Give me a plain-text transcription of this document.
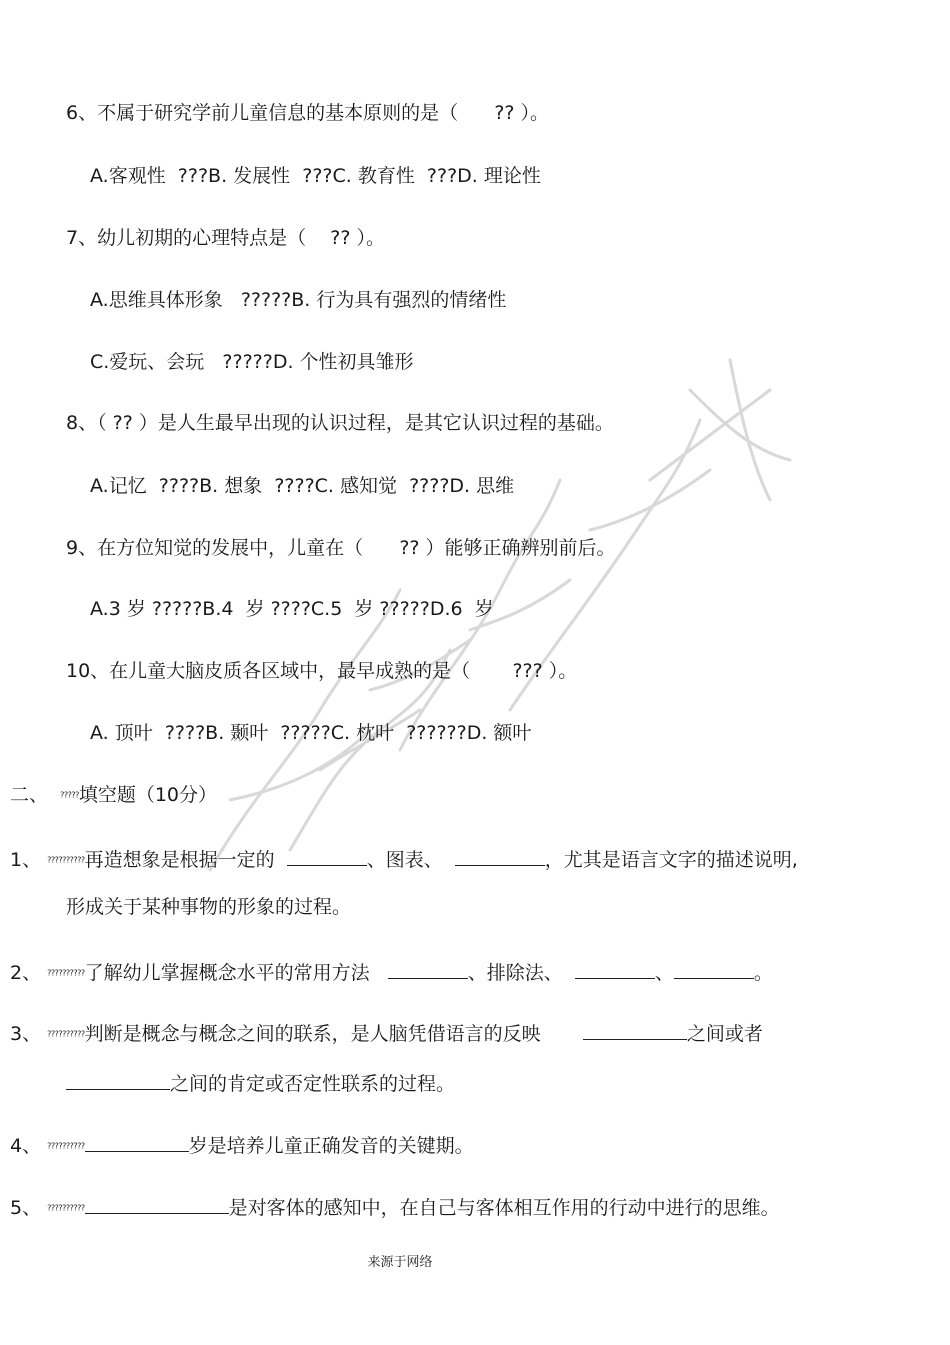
6、不属于研究学前儿童信息的基本原则的是（      ?? ）。
A.客观性  ???B. 发展性  ???C. 教育性  ???D. 理论性
7、幼儿初期的心理特点是（    ?? ）。
A.思维具体形象   ?????B. 行为具有强烈的情绪性
C.爱玩、会玩   ?????D. 个性初具雏形
8、（ ?? ）是人生最早出现的认识过程，是其它认识过程的基础。
A.记忆  ????B. 想象  ????C. 感知觉  ????D. 思维
9、在方位知觉的发展中，儿童在（      ?? ）能够正确辨别前后。
A.3 岁 ?????B.4  岁 ????C.5  岁 ?????D.6  岁
10、在儿童大脑皮质各区域中，最早成熟的是（       ??? ）。
A. 顶叶  ????B. 颞叶  ?????C. 枕叶  ??????D. 额叶
二、 ?????填空题（10分）
1、 ??????????再造想象是根据一定的	、图表、	，尤其是语言文字的描述说明,
形成关于某种事物的形象的过程。
2、 ??????????了解幼儿掌握概念水平的常用方法	、排除法、	、	。
3、 ??????????判断是概念与概念之间的联系，是人脑凭借语言的反映	之间或者
之间的肯定或否定性联系的过程。
4、 ??????????	岁是培养儿童正确发音的关键期。
5、 ??????????	是对客体的感知中，在自己与客体相互作用的行动中进行的思维。
来源于网络
